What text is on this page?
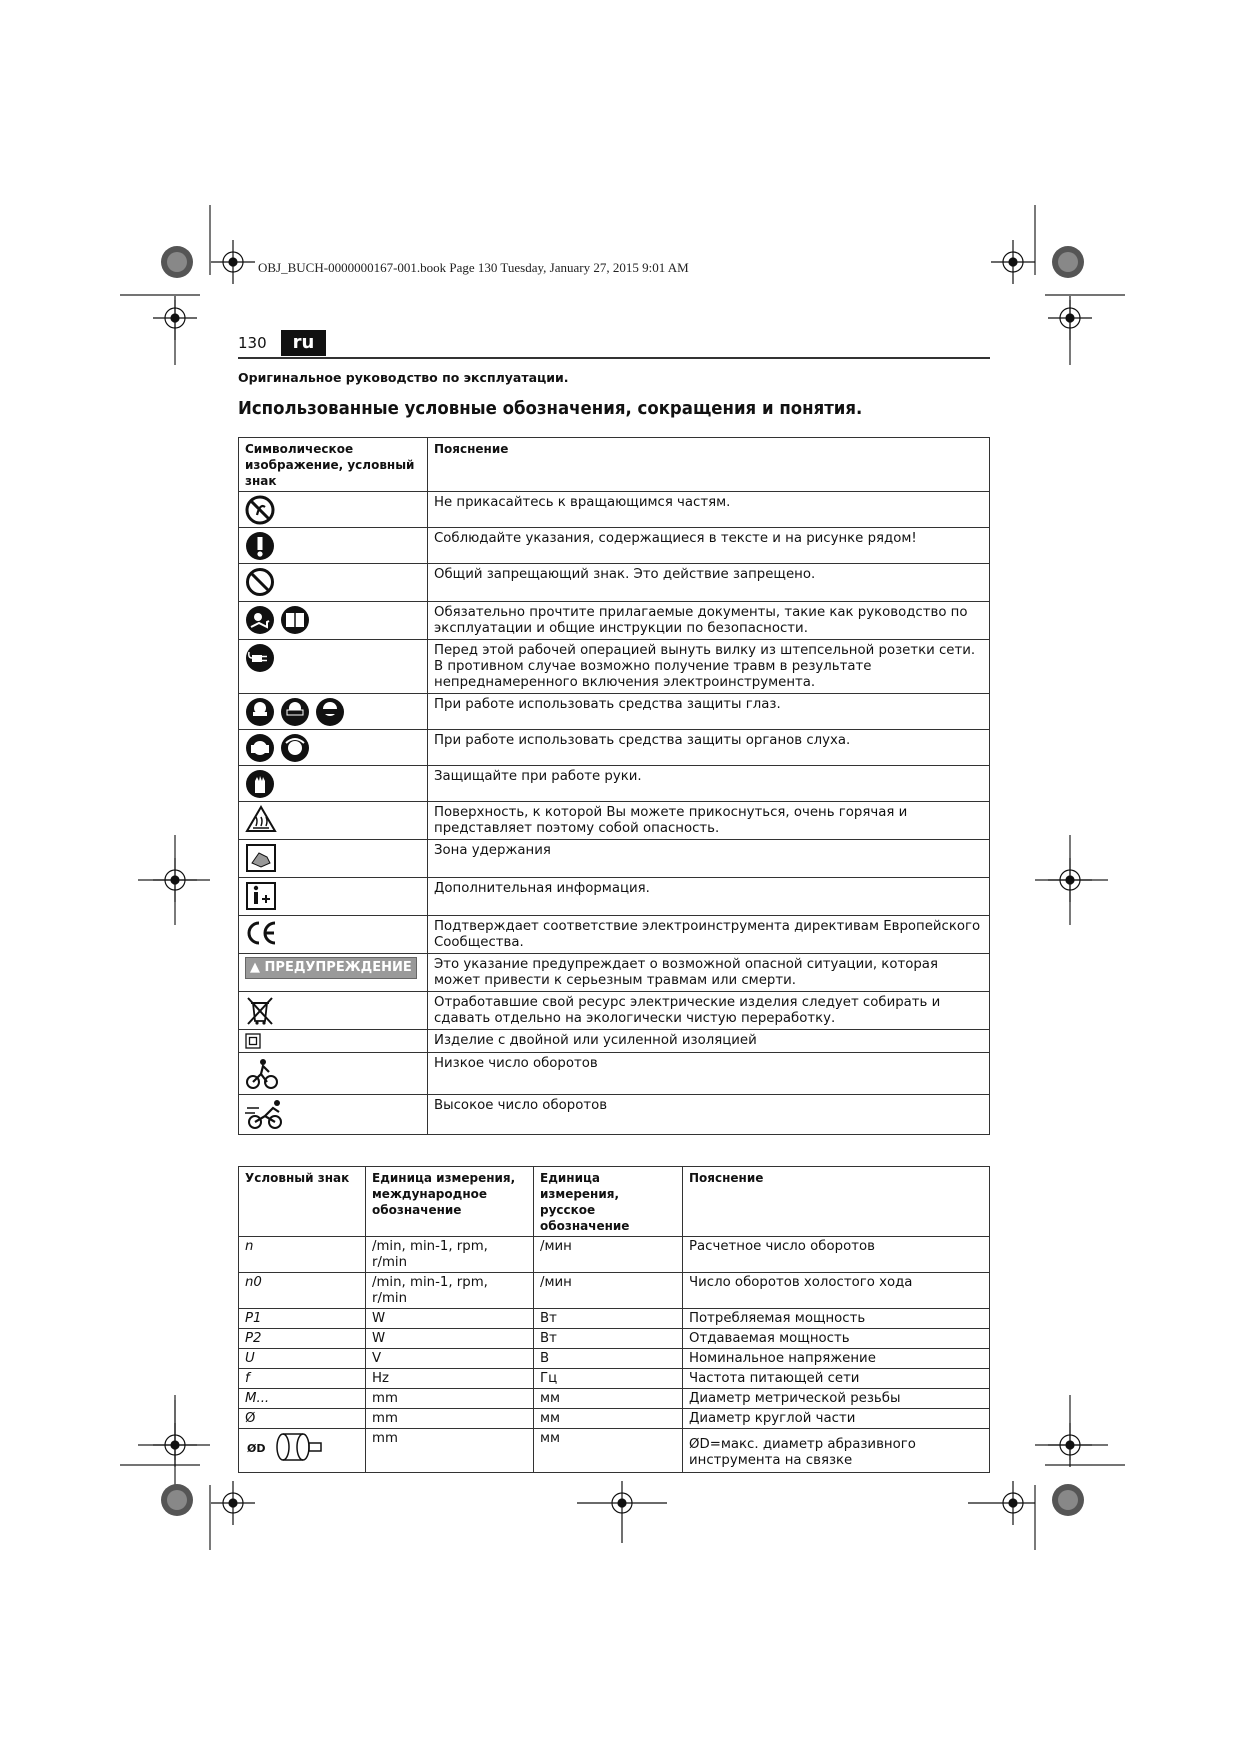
OBJ_BUCH-0000000167-001.book Page 130 Tuesday, January 27, 2015 9:01 AM
130	ru
Оригинальное руководство по эксплуатации.
Использованные условные обозначения, сокращения и понятия.
Символическое изображение, условный знак	Пояснение
	Не прикасайтесь к вращающимся частям.
	Соблюдайте указания, содержащиеся в тексте и на рисунке рядом!
	Общий запрещающий знак. Это действие запрещено.
	Обязательно прочтите прилагаемые документы, такие как руководство по эксплуатации и общие инструкции по безопасности.
	Перед этой рабочей операцией вынуть вилку из штепсельной розетки сети. В противном случае возможно получение травм в результате непреднамеренного включения электроинструмента.
	При работе использовать средства защиты глаз.
	При работе использовать средства защиты органов слуха.
	Защищайте при работе руки.
	Поверхность, к которой Вы можете прикоснуться, очень горячая и представляет поэтому собой опасность.
	Зона удержания
	Дополнительная информация.
	Подтверждает соответствие электроинструмента директивам Европейского Сообщества.
▲ ПРЕДУПРЕЖДЕНИЕ	Это указание предупреждает о возможной опасной ситуации, которая может привести к серьезным травмам или смерти.
	Отработавшие свой ресурс электрические изделия следует собирать и сдавать отдельно на экологически чистую переработку.
	Изделие с двойной или усиленной изоляцией
	Низкое число оборотов
	Высокое число оборотов
Условный знак	Единица измерения, международное обозначение	Единица измерения, русское обозначение	Пояснение
n	/min, min-1, rpm, r/min	/мин	Расчетное число оборотов
n0	/min, min-1, rpm, r/min	/мин	Число оборотов холостого хода
P1	W	Вт	Потребляемая мощность
P2	W	Вт	Отдаваемая мощность
U	V	В	Номинальное напряжение
f	Hz	Гц	Частота питающей сети
M...	mm	мм	Диаметр метрической резьбы
Ø	mm	мм	Диаметр круглой части

ØD	mm	мм	ØD=макс. диаметр абразивного инструмента на связке
